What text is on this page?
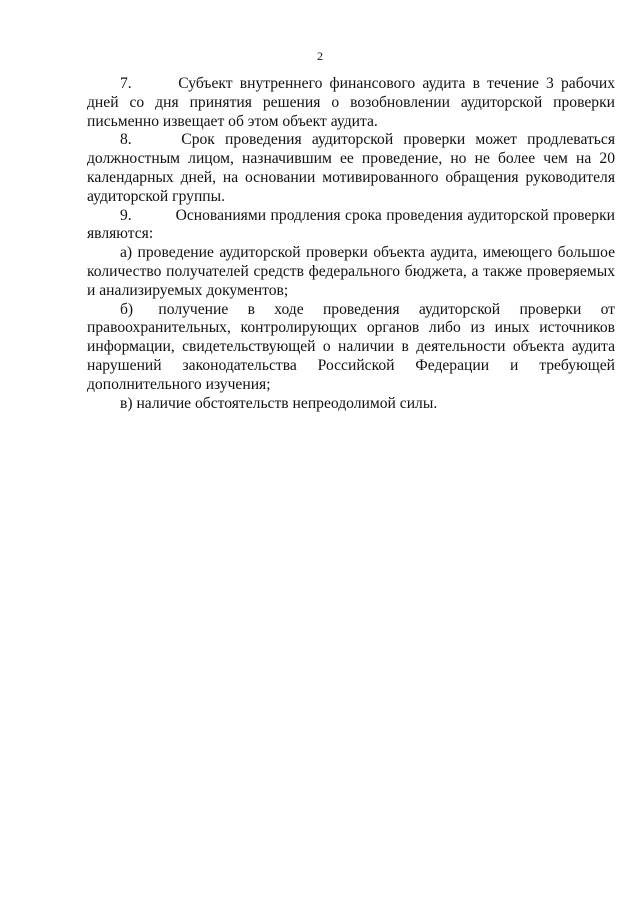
2

7.	Субъект внутреннего финансового аудита в течение 3 рабочих дней со дня принятия решения о возобновлении аудиторской проверки письменно извещает об этом объект аудита.

8.	Срок проведения аудиторской проверки может продлеваться должностным лицом, назначившим ее проведение, но не более чем на 20 календарных дней, на основании мотивированного обращения руководителя аудиторской группы.

9.	Основаниями продления срока проведения аудиторской проверки являются:

а) проведение аудиторской проверки объекта аудита, имеющего большое количество получателей средств федерального бюджета, а также проверяемых и анализируемых документов;

б)	получение в ходе проведения аудиторской проверки от правоохранительных, контролирующих органов либо из иных источников информации, свидетельствующей о наличии в деятельности объекта аудита нарушений законодательства Российской Федерации и требующей дополнительного изучения;

в) наличие обстоятельств непреодолимой силы.
